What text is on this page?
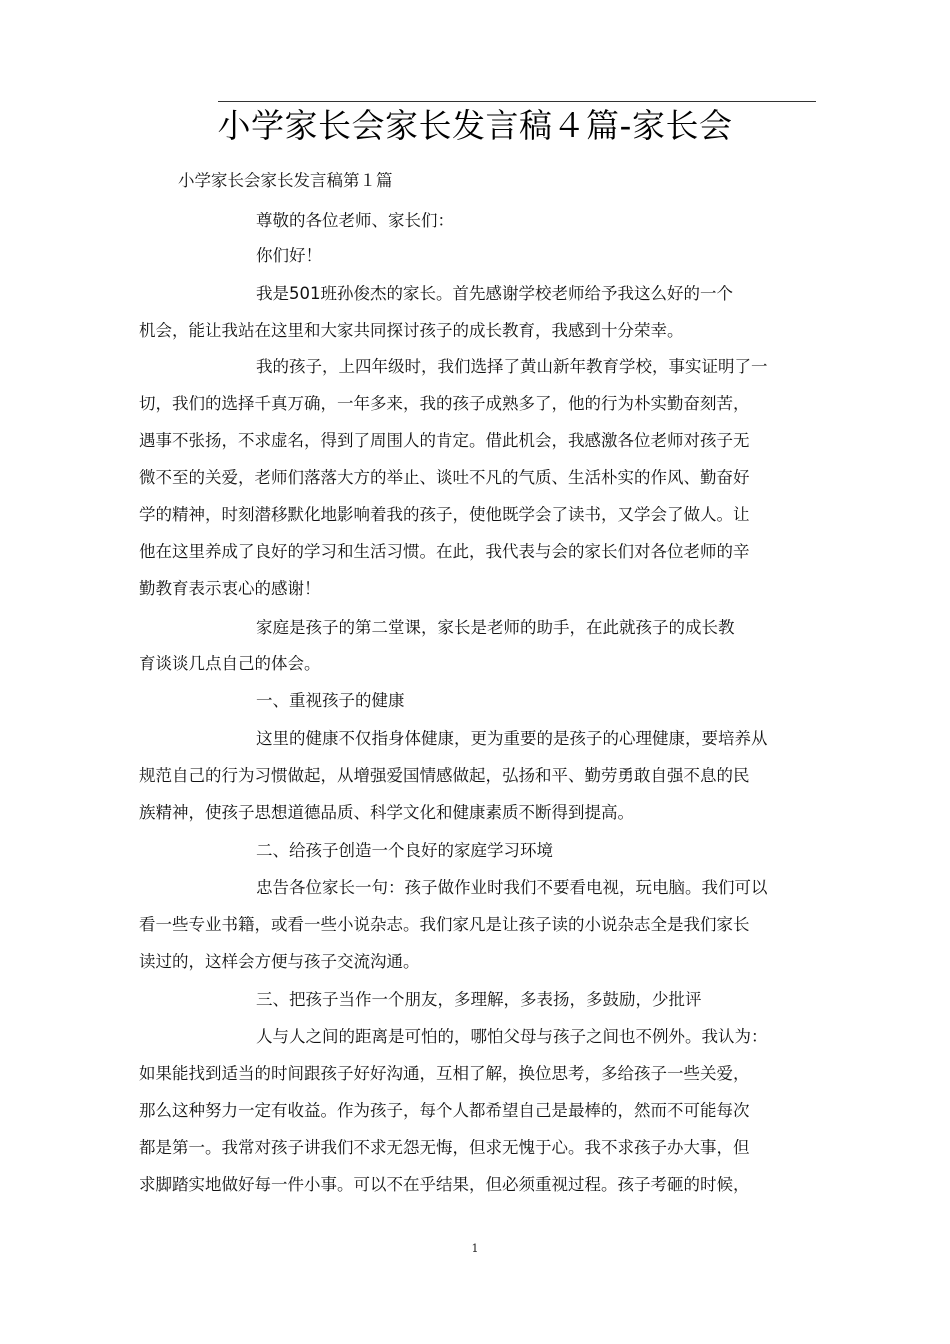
小学家长会家长发言稿４篇-家长会
小学家长会家长发言稿第１篇
尊敬的各位老师、家长们：
你们好！
我是501班孙俊杰的家长。首先感谢学校老师给予我这么好的一个
机会，能让我站在这里和大家共同探讨孩子的成长教育，我感到十分荣幸。
我的孩子，上四年级时，我们选择了黄山新年教育学校，事实证明了一
切，我们的选择千真万确，一年多来，我的孩子成熟多了，他的行为朴实勤奋刻苦，
遇事不张扬，不求虚名，得到了周围人的肯定。借此机会，我感激各位老师对孩子无
微不至的关爱，老师们落落大方的举止、谈吐不凡的气质、生活朴实的作风、勤奋好
学的精神，时刻潜移默化地影响着我的孩子，使他既学会了读书，又学会了做人。让
他在这里养成了良好的学习和生活习惯。在此，我代表与会的家长们对各位老师的辛
勤教育表示衷心的感谢！
家庭是孩子的第二堂课，家长是老师的助手，在此就孩子的成长教
育谈谈几点自己的体会。
一、重视孩子的健康
这里的健康不仅指身体健康，更为重要的是孩子的心理健康，要培养从
规范自己的行为习惯做起，从增强爱国情感做起，弘扬和平、勤劳勇敢自强不息的民
族精神，使孩子思想道德品质、科学文化和健康素质不断得到提高。
二、给孩子创造一个良好的家庭学习环境
忠告各位家长一句：孩子做作业时我们不要看电视，玩电脑。我们可以
看一些专业书籍，或看一些小说杂志。我们家凡是让孩子读的小说杂志全是我们家长
读过的，这样会方便与孩子交流沟通。
三、把孩子当作一个朋友，多理解，多表扬，多鼓励，少批评
人与人之间的距离是可怕的，哪怕父母与孩子之间也不例外。我认为：
如果能找到适当的时间跟孩子好好沟通，互相了解，换位思考，多给孩子一些关爱，
那么这种努力一定有收益。作为孩子，每个人都希望自己是最棒的，然而不可能每次
都是第一。我常对孩子讲我们不求无怨无悔，但求无愧于心。我不求孩子办大事，但
求脚踏实地做好每一件小事。可以不在乎结果，但必须重视过程。孩子考砸的时候，
1
